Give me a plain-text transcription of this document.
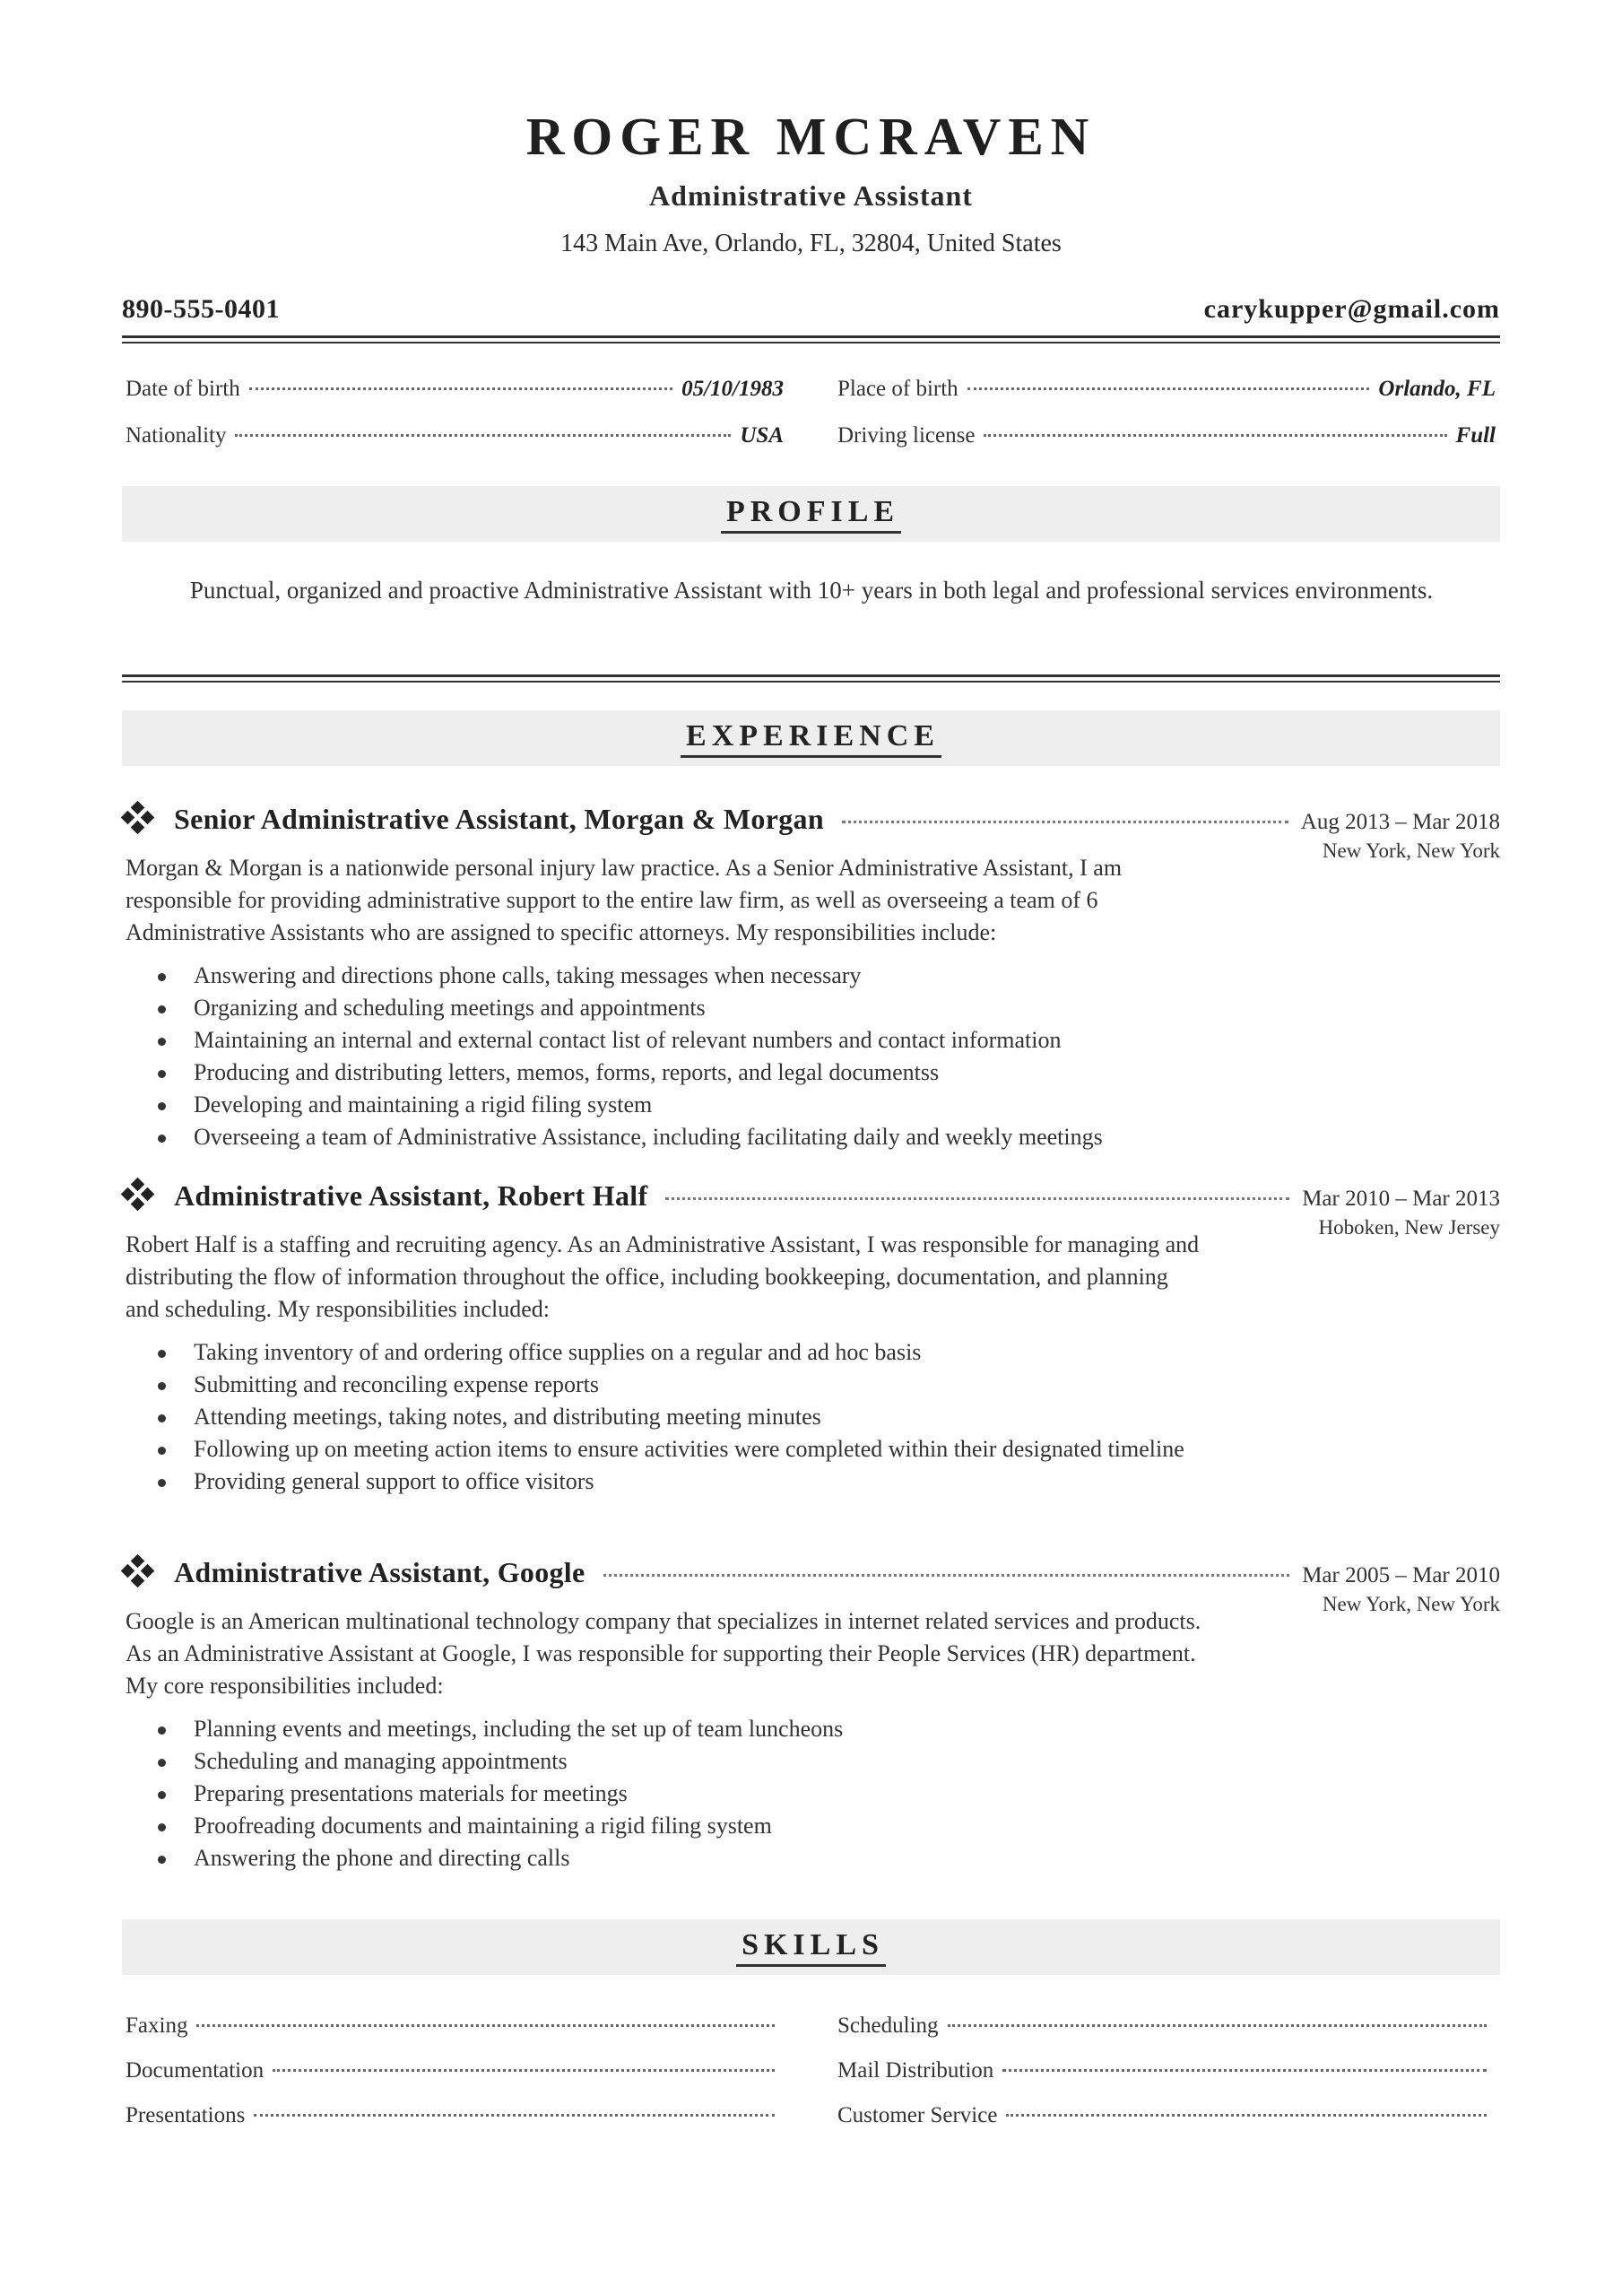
ROGER MCRAVEN
Administrative Assistant
143 Main Ave, Orlando, FL, 32804, United States
890-555-0401	carykupper@gmail.com
Date of birth	05/10/1983 Place of birth	Orlando, FL
Nationality	USA Driving license	Full
PROFILE
Punctual, organized and proactive Administrative Assistant with 10+ years in both legal and professional services environments.
EXPERIENCE
Senior Administrative Assistant, Morgan & Morgan	Aug 2013 – Mar 2018
New York, New York
Morgan & Morgan is a nationwide personal injury law practice. As a Senior Administrative Assistant, I am responsible for providing administrative support to the entire law firm, as well as overseeing a team of 6 Administrative Assistants who are assigned to specific attorneys. My responsibilities include:
Answering and directions phone calls, taking messages when necessary
Organizing and scheduling meetings and appointments
Maintaining an internal and external contact list of relevant numbers and contact information
Producing and distributing letters, memos, forms, reports, and legal documentss
Developing and maintaining a rigid filing system
Overseeing a team of Administrative Assistance, including facilitating daily and weekly meetings
Administrative Assistant, Robert Half	Mar 2010 – Mar 2013
Hoboken, New Jersey
Robert Half is a staffing and recruiting agency. As an Administrative Assistant, I was responsible for managing and distributing the flow of information throughout the office, including bookkeeping, documentation, and planning and scheduling. My responsibilities included:
Taking inventory of and ordering office supplies on a regular and ad hoc basis
Submitting and reconciling expense reports
Attending meetings, taking notes, and distributing meeting minutes
Following up on meeting action items to ensure activities were completed within their designated timeline
Providing general support to office visitors
Administrative Assistant, Google	Mar 2005 – Mar 2010
New York, New York
Google is an American multinational technology company that specializes in internet related services and products. As an Administrative Assistant at Google, I was responsible for supporting their People Services (HR) department. My core responsibilities included:
Planning events and meetings, including the set up of team luncheons
Scheduling and managing appointments
Preparing presentations materials for meetings
Proofreading documents and maintaining a rigid filing system
Answering the phone and directing calls
SKILLS
Faxing	Scheduling
Documentation	Mail Distribution
Presentations	Customer Service
